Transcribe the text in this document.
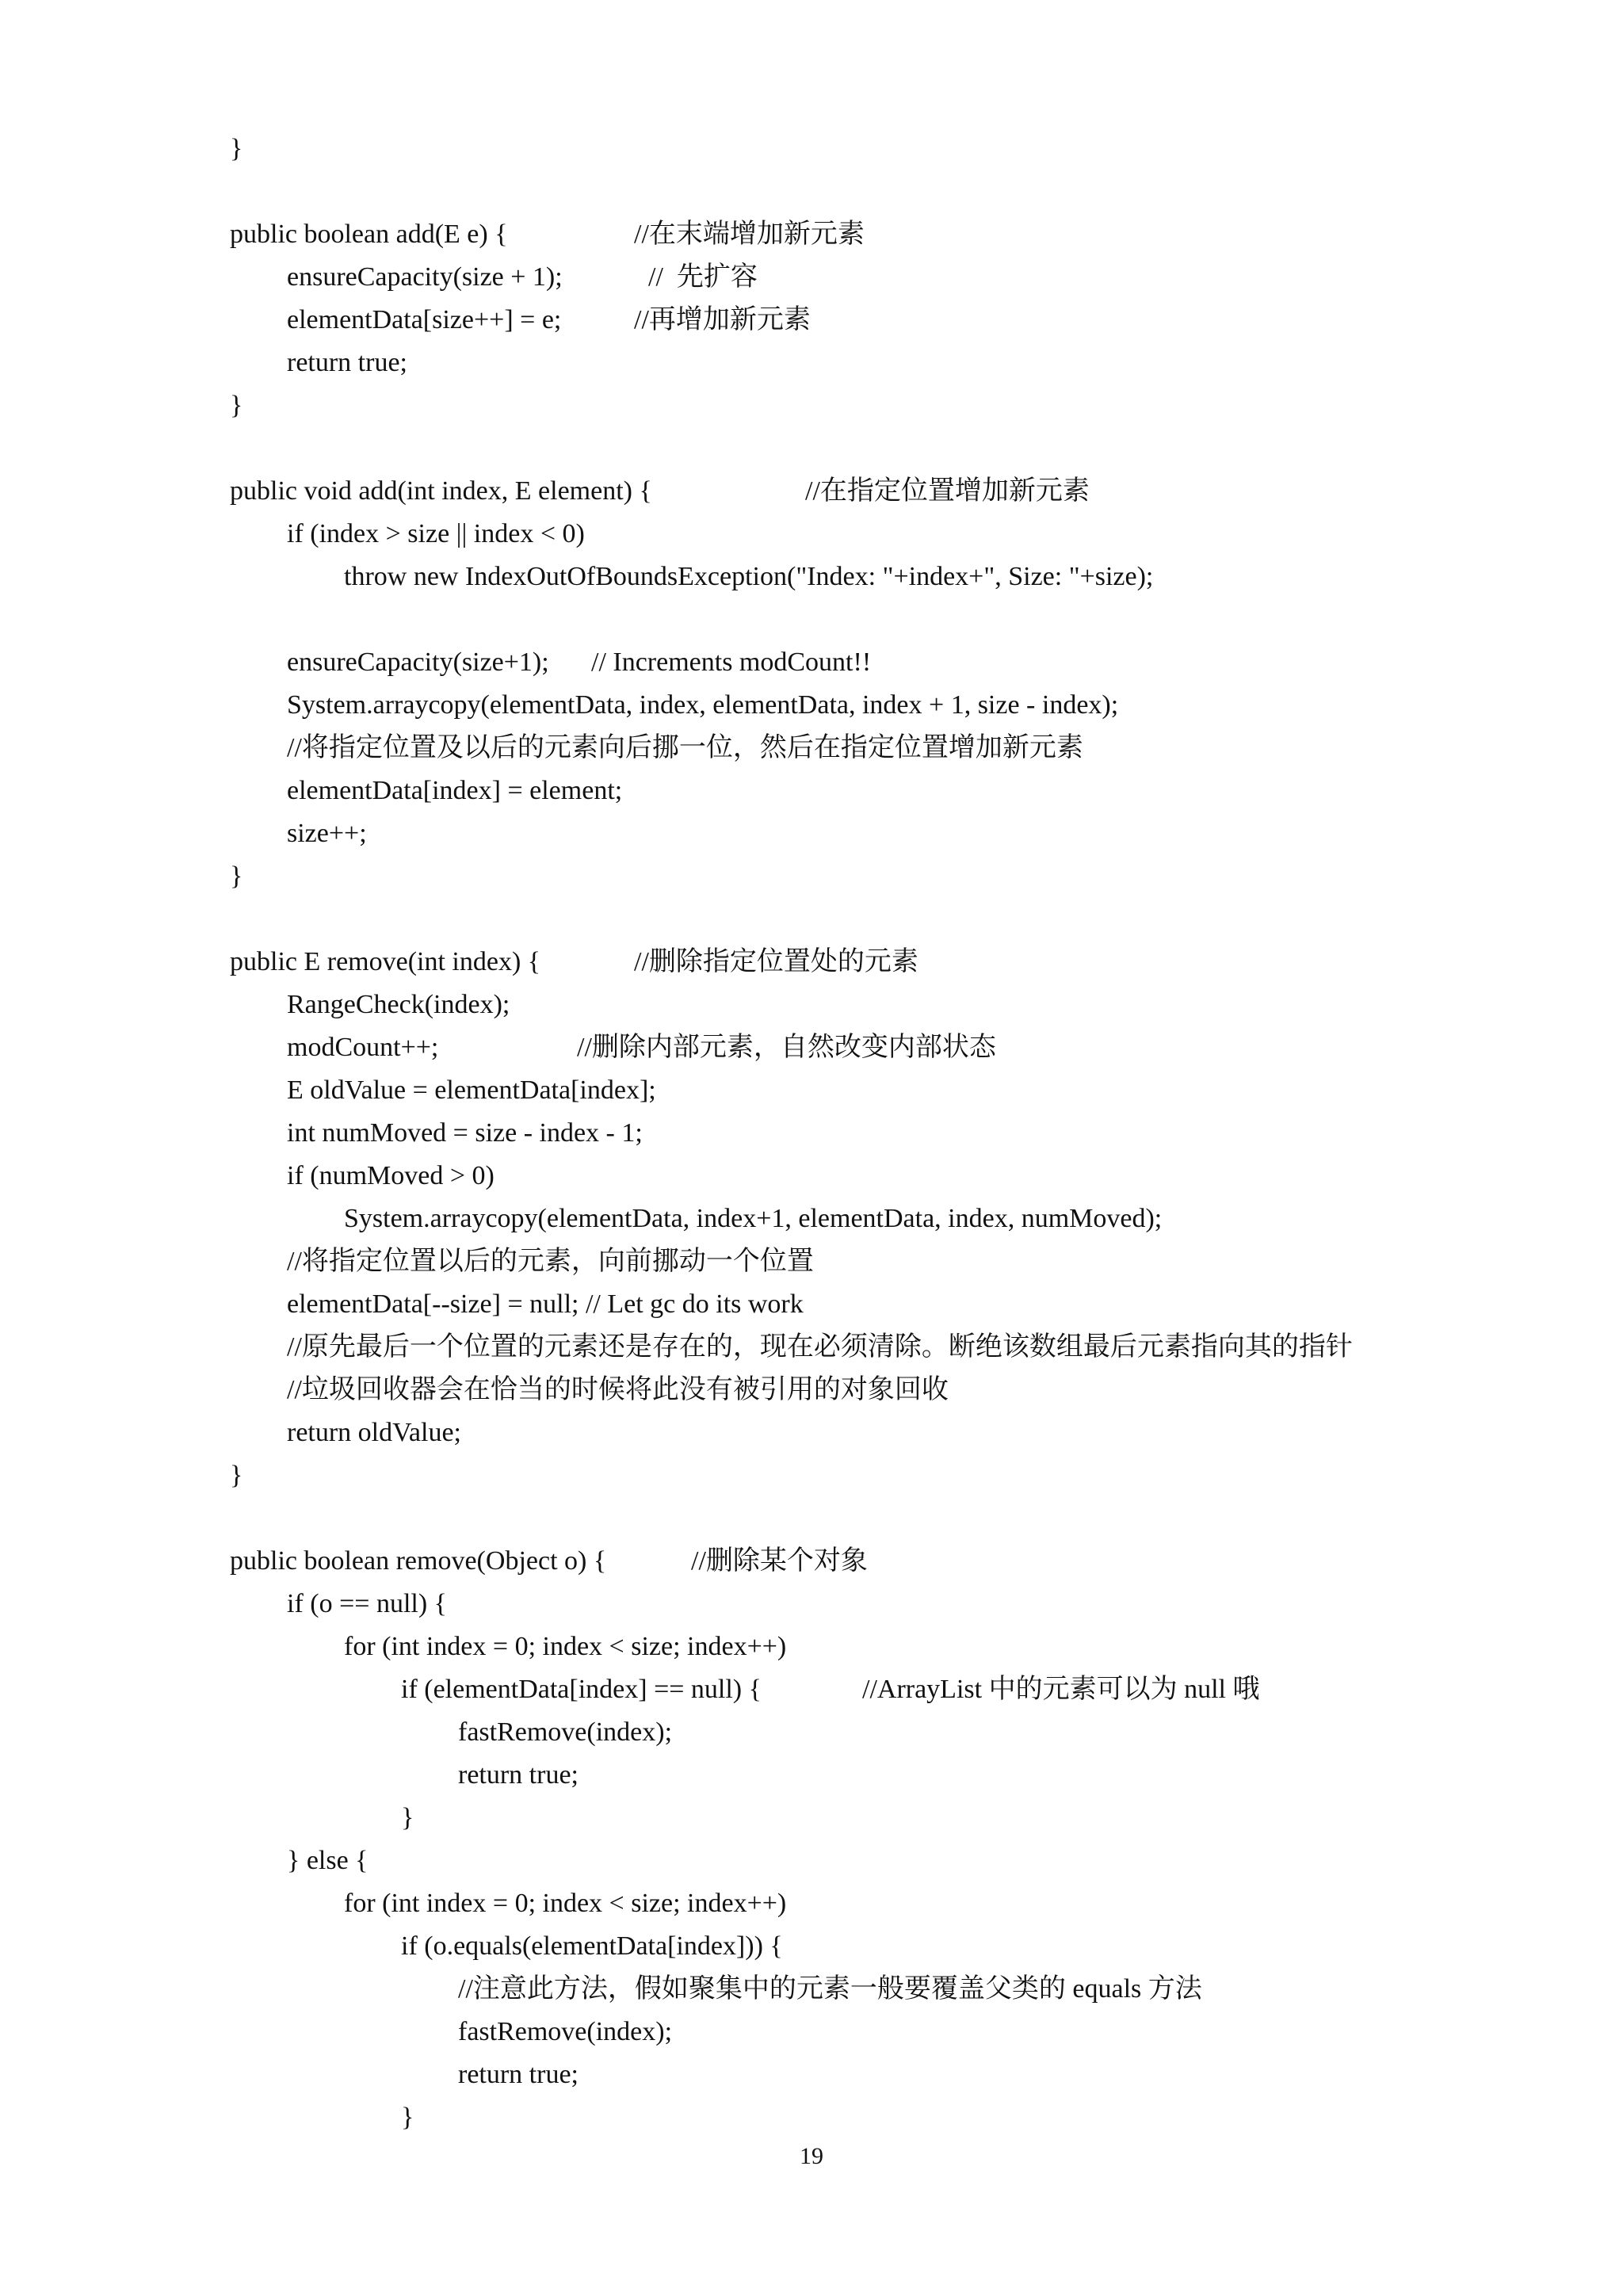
}
public boolean add(E e) {	//在末端增加新元素
ensureCapacity(size + 1);	//  先扩容
elementData[size++] = e;	//再增加新元素
return true;
}
public void add(int index, E element) {	//在指定位置增加新元素
if (index > size || index < 0)
throw new IndexOutOfBoundsException("Index: "+index+", Size: "+size);
ensureCapacity(size+1); // Increments modCount!!
System.arraycopy(elementData, index, elementData, index + 1, size - index);
//将指定位置及以后的元素向后挪一位，然后在指定位置增加新元素
elementData[index] = element;
size++;
}
public E remove(int index) {	//删除指定位置处的元素
RangeCheck(index);
modCount++;	//删除内部元素，自然改变内部状态
E oldValue = elementData[index];
int numMoved = size - index - 1;
if (numMoved > 0)
System.arraycopy(elementData, index+1, elementData, index, numMoved);
//将指定位置以后的元素，向前挪动一个位置
elementData[--size] = null; // Let gc do its work
//原先最后一个位置的元素还是存在的，现在必须清除。断绝该数组最后元素指向其的指针
//垃圾回收器会在恰当的时候将此没有被引用的对象回收
return oldValue;
}
public boolean remove(Object o) {	//删除某个对象
if (o == null) {
for (int index = 0; index < size; index++)
if (elementData[index] == null) {	//ArrayList 中的元素可以为 null 哦
fastRemove(index);
return true;
}
} else {
for (int index = 0; index < size; index++)
if (o.equals(elementData[index])) {
//注意此方法，假如聚集中的元素一般要覆盖父类的 equals 方法
fastRemove(index);
return true;
}
19
